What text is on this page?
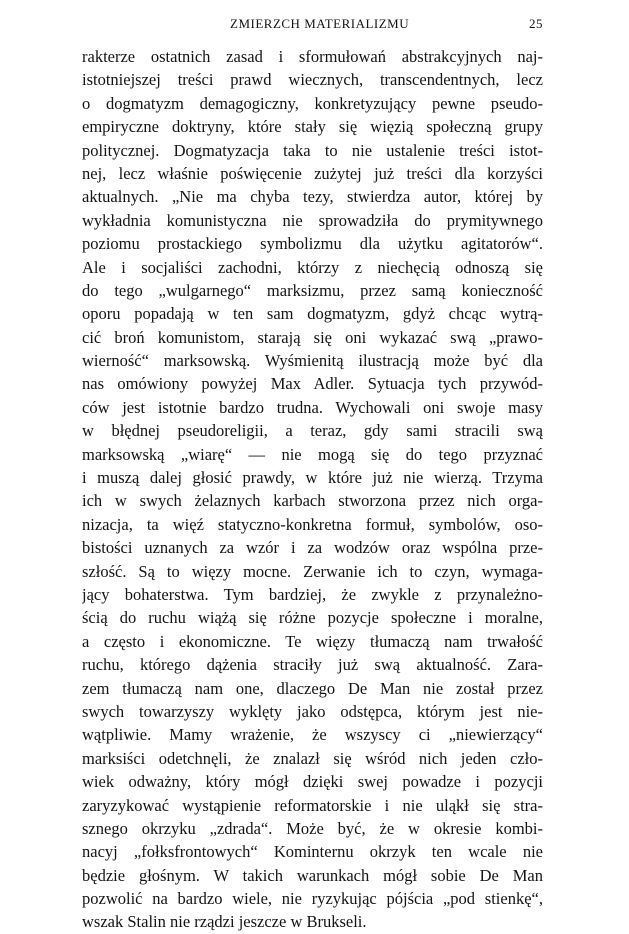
ZMIERZCH MATERIALIZMU	25
rakterze ostatnich zasad i sformułowań abstrakcyjnych naj-
istotniejszej treści prawd wiecznych, transcendentnych, lecz
o dogmatyzm demagogiczny, konkretyzujący pewne pseudo-
empiryczne doktryny, które stały się więzią społeczną grupy
politycznej. Dogmatyzacja taka to nie ustalenie treści istot-
nej, lecz właśnie poświęcenie zużytej już treści dla korzyści
aktualnych. „Nie ma chyba tezy, stwierdza autor, której by
wykładnia komunistyczna nie sprowadziła do prymitywnego
poziomu prostackiego symbolizmu dla użytku agitatorów“.
Ale i socjaliści zachodni, którzy z niechęcią odnoszą się
do tego „wulgarnego“ marksizmu, przez samą konieczność
oporu popadają w ten sam dogmatyzm, gdyż chcąc wytrą-
cić broń komunistom, starają się oni wykazać swą „prawo-
wierność“ marksowską. Wyśmienitą ilustracją może być dla
nas omówiony powyżej Max Adler. Sytuacja tych przywód-
ców jest istotnie bardzo trudna. Wychowali oni swoje masy
w błędnej pseudoreligii, a teraz, gdy sami stracili swą
marksowską „wiarę“ — nie mogą się do tego przyznać
i muszą dalej głosić prawdy, w które już nie wierzą. Trzyma
ich w swych żelaznych karbach stworzona przez nich orga-
nizacja, ta więź statyczno-konkretna formuł, symbolów, oso-
bistości uznanych za wzór i za wodzów oraz wspólna prze-
szłość. Są to więzy mocne. Zerwanie ich to czyn, wymaga-
jący bohaterstwa. Tym bardziej, że zwykle z przynależno-
ścią do ruchu wiążą się różne pozycje społeczne i moralne,
a często i ekonomiczne. Te więzy tłumaczą nam trwałość
ruchu, którego dążenia straciły już swą aktualność. Zara-
zem tłumaczą nam one, dlaczego De Man nie został przez
swych towarzyszy wyklęty jako odstępca, którym jest nie-
wątpliwie. Mamy wrażenie, że wszyscy ci „niewierzący“
marksiści odetchnęli, że znalazł się wśród nich jeden czło-
wiek odważny, który mógł dzięki swej powadze i pozycji
zaryzykować wystąpienie reformatorskie i nie uląkł się stra-
sznego okrzyku „zdrada“. Może być, że w okresie kombi-
nacyj „fołksfrontowych“ Kominternu okrzyk ten wcale nie
będzie głośnym. W takich warunkach mógł sobie De Man
pozwolić na bardzo wiele, nie ryzykując pójścia „pod stienkę“,
wszak Stalin nie rządzi jeszcze w Brukseli.
